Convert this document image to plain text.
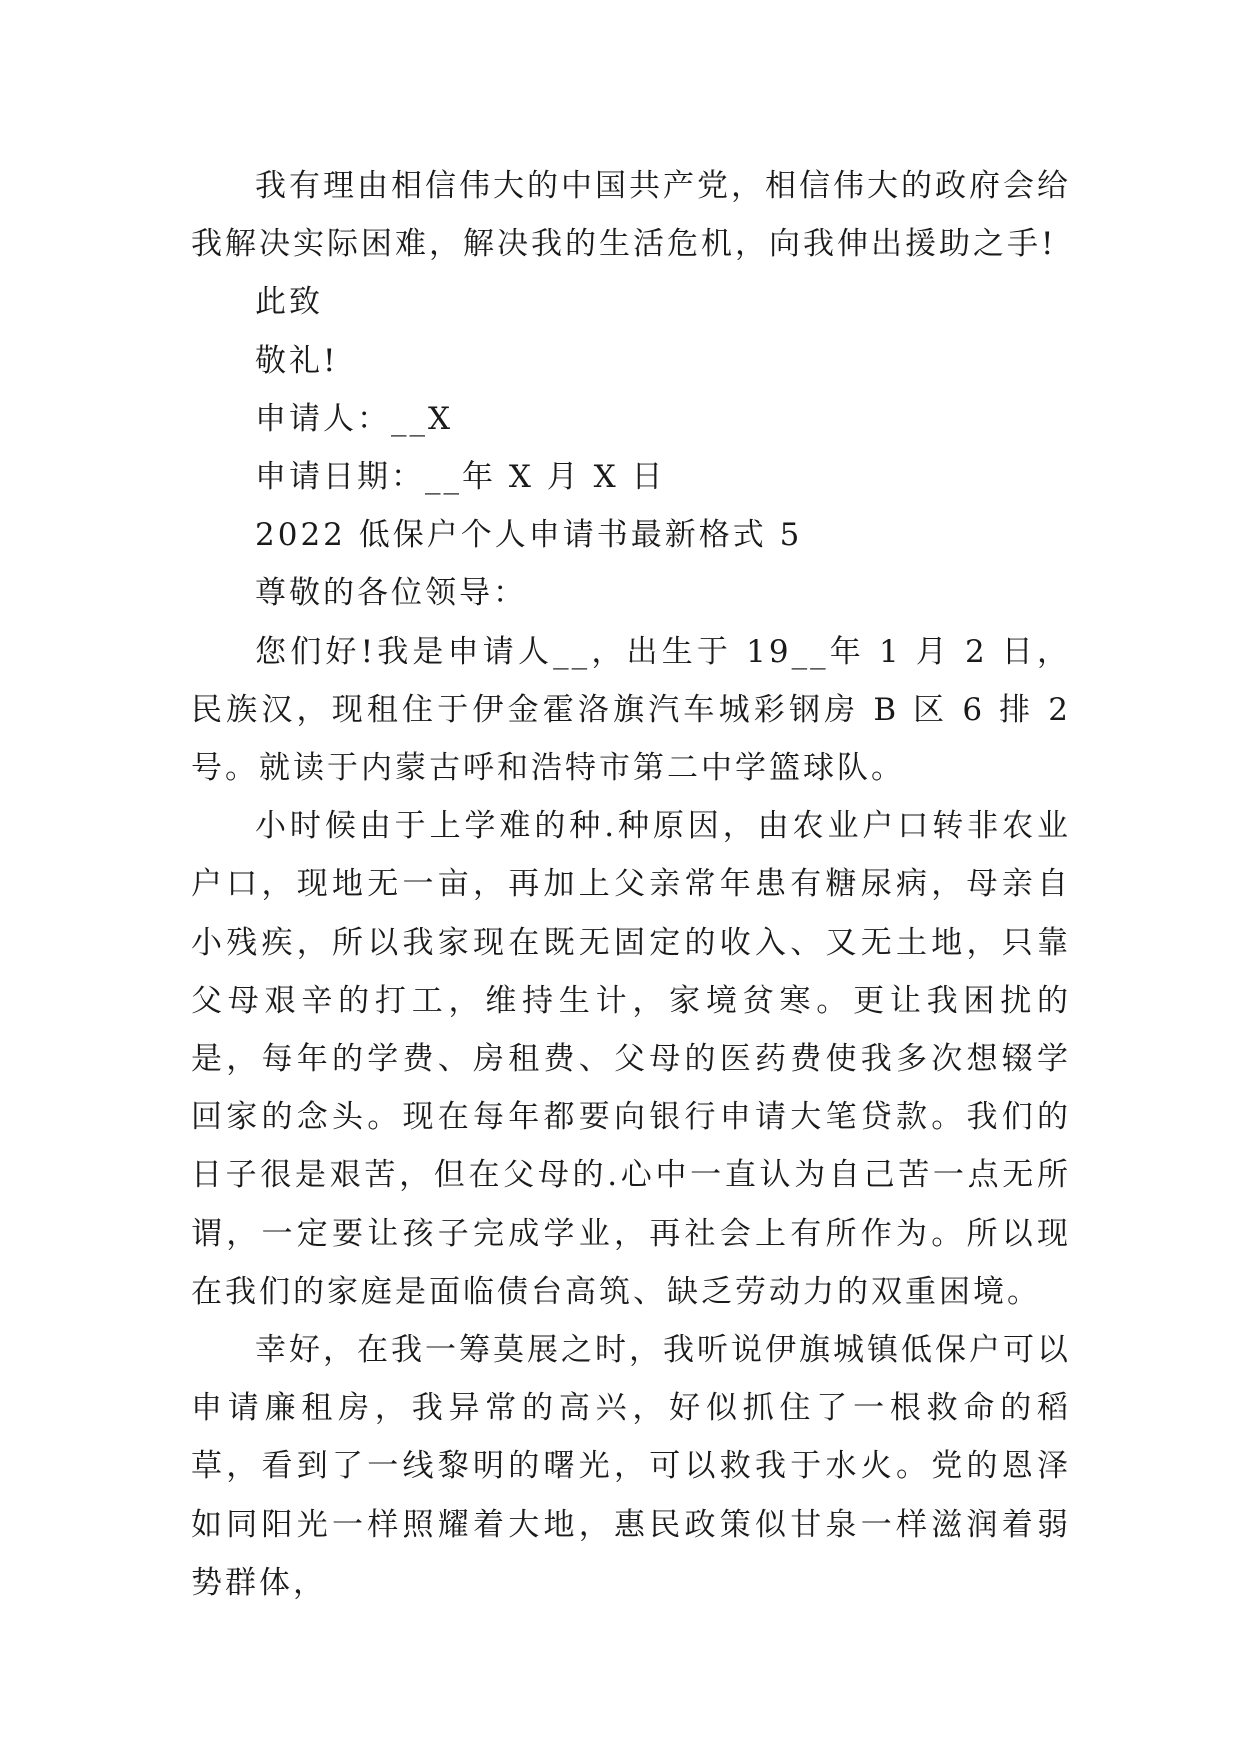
我有理由相信伟大的中国共产党，相信伟大的政府会给我解决实际困难，解决我的生活危机，向我伸出援助之手!

此致

敬礼!

申请人：__X

申请日期：__年 X 月 X 日

2022 低保户个人申请书最新格式 5

尊敬的各位领导：

您们好!我是申请人__，出生于 19__年 1 月 2 日，民族汉，现租住于伊金霍洛旗汽车城彩钢房 B 区 6 排 2 号。就读于内蒙古呼和浩特市第二中学篮球队。

小时候由于上学难的种.种原因，由农业户口转非农业户口，现地无一亩，再加上父亲常年患有糖尿病，母亲自小残疾，所以我家现在既无固定的收入、又无土地，只靠父母艰辛的打工，维持生计，家境贫寒。更让我困扰的是，每年的学费、房租费、父母的医药费使我多次想辍学回家的念头。现在每年都要向银行申请大笔贷款。我们的日子很是艰苦，但在父母的.心中一直认为自己苦一点无所谓，一定要让孩子完成学业，再社会上有所作为。所以现在我们的家庭是面临债台高筑、缺乏劳动力的双重困境。

幸好，在我一筹莫展之时，我听说伊旗城镇低保户可以申请廉租房，我异常的高兴，好似抓住了一根救命的稻草，看到了一线黎明的曙光，可以救我于水火。党的恩泽如同阳光一样照耀着大地，惠民政策似甘泉一样滋润着弱势群体，
